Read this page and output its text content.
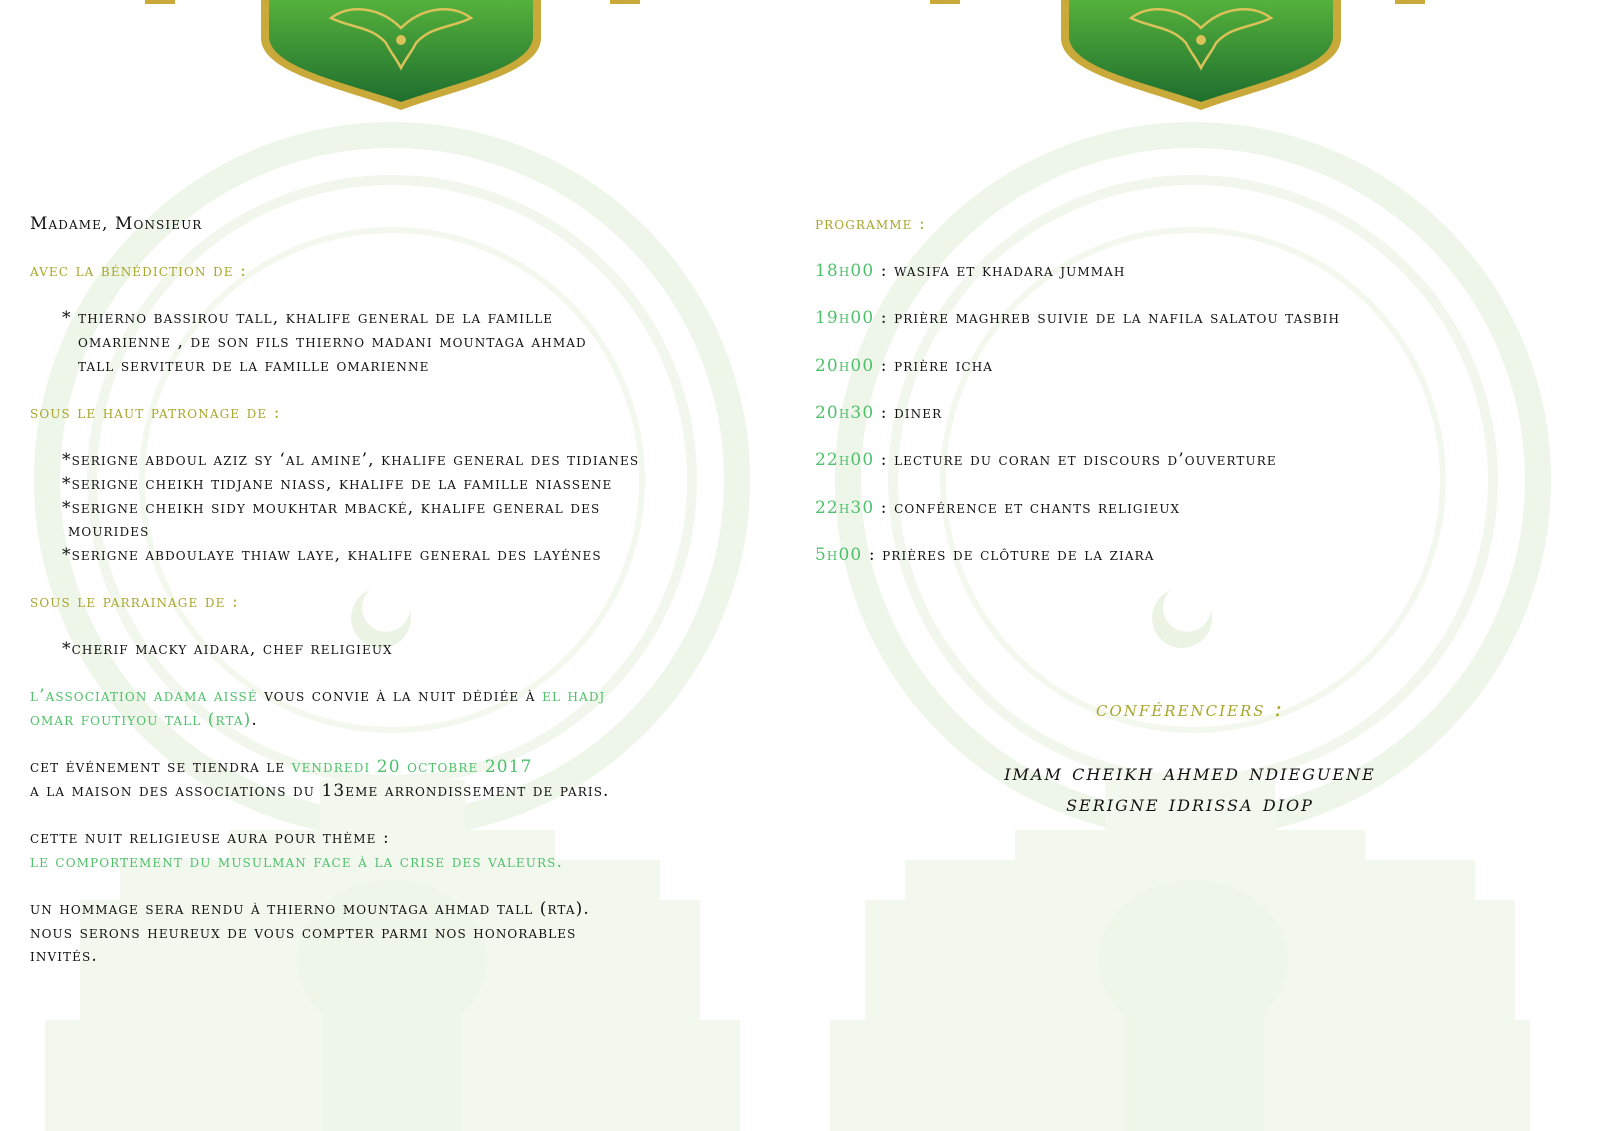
Madame, Monsieur
avec la bénédiction de :
* thierno bassirou tall, khalife general de la famille
omarienne , de son fils thierno madani mountaga ahmad
tall serviteur de la famille omarienne
sous le haut patronage de :
*serigne abdoul aziz sy ‘al amine’, khalife general des tidianes
*serigne cheikh tidjane niass, khalife de la famille niassene
*serigne cheikh sidy moukhtar mbacké, khalife general des
mourides
*serigne abdoulaye thiaw laye, khalife general des layénes
sous le parrainage de :
*cherif macky aidara, chef religieux
l’association adama aissé vous convie à la nuit dédiée à el hadj
omar foutiyou tall (rta).
cet événement se tiendra le vendredi 20 octobre 2017
a la maison des associations du 13eme arrondissement de paris.
cette nuit religieuse aura pour thème :
le comportement du musulman face à la crise des valeurs.
un hommage sera rendu à thierno mountaga ahmad tall (rta).
nous serons heureux de vous compter parmi nos honorables
invités.
programme :
18h00 : wasifa et khadara jummah
19h00 : prière maghreb suivie de la nafila salatou tasbih
20h00 : prière icha
20h30 : diner
22h00 : lecture du coran et discours d’ouverture
22h30 : conférence et chants religieux
5h00 : prières de clôture de la ziara
conférenciers :
imam cheikh ahmed ndieguene
serigne idrissa diop
